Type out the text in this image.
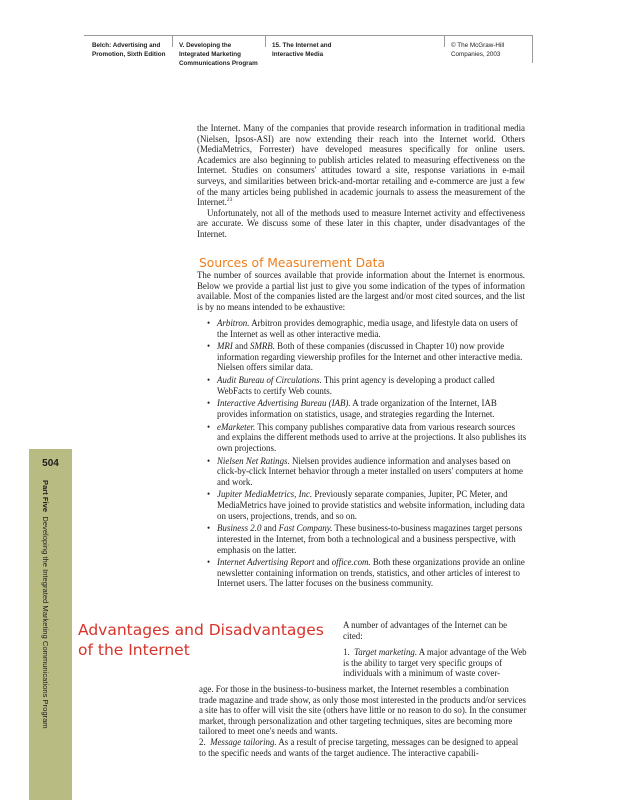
Belch: Advertising and
Promotion, Sixth Edition
V. Developing the
Integrated Marketing
Communications Program
15. The Internet and
Interactive Media
© The McGraw-Hill
Companies, 2003
504
Part Five  Developing the Integrated Marketing Communications Program

the Internet. Many of the companies that provide research information in traditional media (Nielsen, Ipsos-ASI) are now extending their reach into the Internet world. Others (MediaMetrics, Forrester) have developed measures specifically for online users. Academics are also beginning to publish articles related to measuring effectiveness on the Internet. Studies on consumers' attitudes toward a site, response variations in e-mail surveys, and similarities between brick-and-mortar retailing and e-commerce are just a few of the many articles being published in academic journals to assess the measurement of the Internet.$^{23}$

Unfortunately, not all of the methods used to measure Internet activity and effectiveness are accurate. We discuss some of these later in this chapter, under disadvantages of the Internet.

Sources of Measurement Data
The number of sources available that provide information about the Internet is enormous. Below we provide a partial list just to give you some indication of the types of information available. Most of the companies listed are the largest and/or most cited sources, and the list is by no means intended to be exhaustive:
• Arbitron. Arbitron provides demographic, media usage, and lifestyle data on users of the Internet as well as other interactive media.
• MRI and SMRB. Both of these companies (discussed in Chapter 10) now provide information regarding viewership profiles for the Internet and other interactive media. Nielsen offers similar data.
• Audit Bureau of Circulations. This print agency is developing a product called WebFacts to certify Web counts.
• Interactive Advertising Bureau (IAB). A trade organization of the Internet, IAB provides information on statistics, usage, and strategies regarding the Internet.
• eMarketer. This company publishes comparative data from various research sources and explains the different methods used to arrive at the projections. It also publishes its own projections.
• Nielsen Net Ratings. Nielsen provides audience information and analyses based on click-by-click Internet behavior through a meter installed on users' computers at home and work.
• Jupiter MediaMetrics, Inc. Previously separate companies, Jupiter, PC Meter, and MediaMetrics have joined to provide statistics and website information, including data on users, projections, trends, and so on.
• Business 2.0 and Fast Company. These business-to-business magazines target persons interested in the Internet, from both a technological and a business perspective, with emphasis on the latter.
• Internet Advertising Report and office.com. Both these organizations provide an online newsletter containing information on trends, statistics, and other articles of interest to Internet users. The latter focuses on the business community.
Advantages and Disadvantages of the Internet

A number of advantages of the Internet can be cited:

1. Target marketing. A major advantage of the Web is the ability to target very specific groups of individuals with a minimum of waste cover-

age. For those in the business-to-business market, the Internet resembles a combination trade magazine and trade show, as only those most interested in the products and/or services a site has to offer will visit the site (others have little or no reason to do so). In the consumer market, through personalization and other targeting techniques, sites are becoming more tailored to meet one's needs and wants.

2. Message tailoring. As a result of precise targeting, messages can be designed to appeal to the specific needs and wants of the target audience. The interactive capabili-
